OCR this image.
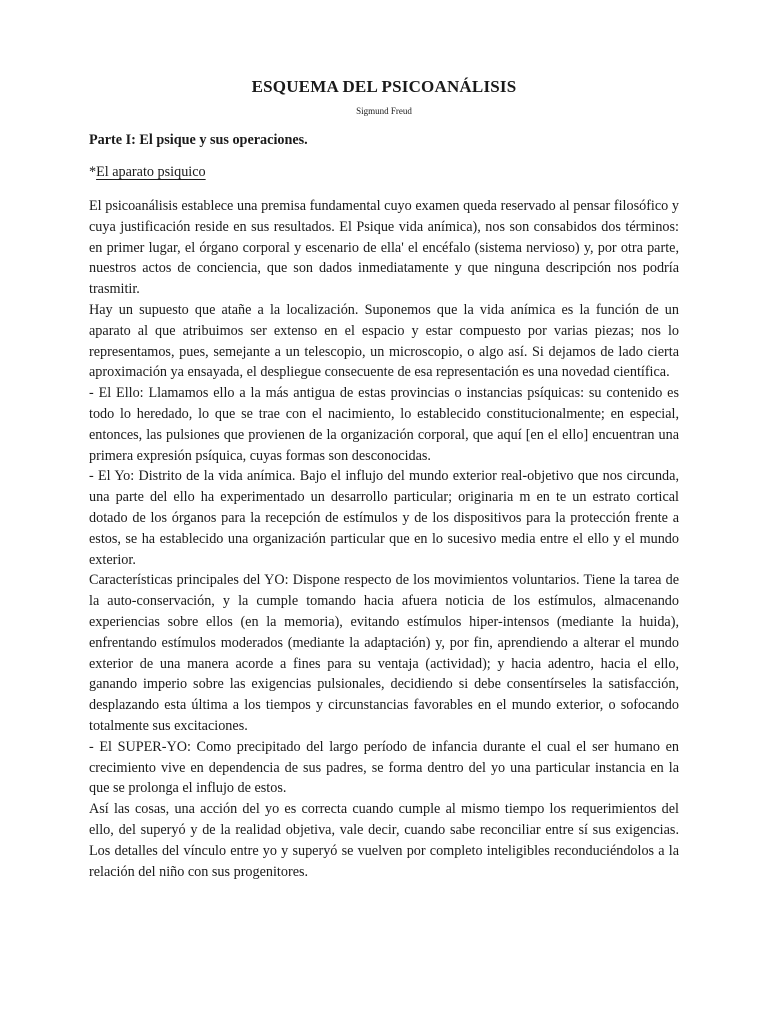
ESQUEMA DEL PSICOANÁLISIS
Sigmund Freud
Parte I: El psique y sus operaciones.
*El aparato psiquico

El psicoanálisis establece una premisa fundamental cuyo examen queda reservado al pensar filosófico y cuya justificación reside en sus resultados. El Psique vida anímica), nos son consabidos dos términos: en primer lugar, el órgano corporal y escenario de ella' el encéfalo (sistema nervioso) y, por otra parte, nuestros actos de conciencia, que son dados inmediatamente y que ninguna descripción nos podría trasmitir.

Hay un supuesto que atañe a la localización. Suponemos que la vida anímica es la función de un aparato al que atribuimos ser extenso en el espacio y estar compuesto por varias piezas; nos lo representamos, pues, semejante a un telescopio, un microscopio, o algo así. Si dejamos de lado cierta aproximación ya ensayada, el despliegue consecuente de esa representación es una novedad científica.

- El Ello: Llamamos ello a la más antigua de estas provincias o instancias psíquicas: su contenido es todo lo heredado, lo que se trae con el nacimiento, lo establecido constitucionalmente; en especial, entonces, las pulsiones que provienen de la organización corporal, que aquí [en el ello] encuentran una primera expresión psíquica, cuyas formas son desconocidas.

- El Yo: Distrito de la vida anímica. Bajo el influjo del mundo exterior real-objetivo que nos circunda, una parte del ello ha experimentado un desarrollo particular; originaria m en te un estrato cortical dotado de los órganos para la recepción de estímulos y de los dispositivos para la protección frente a estos, se ha establecido una organización particular que en lo sucesivo media entre el ello y el mundo exterior.

Características principales del YO: Dispone respecto de los movimientos voluntarios. Tiene la tarea de la auto-conservación, y la cumple tomando hacia afuera noticia de los estímulos, almacenando experiencias sobre ellos (en la memoria), evitando estímulos hiper-intensos (mediante la huida), enfrentando estímulos moderados (mediante la adaptación) y, por fin, aprendiendo a alterar el mundo exterior de una manera acorde a fines para su ventaja (actividad); y hacia adentro, hacia el ello, ganando imperio sobre las exigencias pulsionales, decidiendo si debe consentírseles la satisfacción, desplazando esta última a los tiempos y circunstancias favorables en el mundo exterior, o sofocando totalmente sus excitaciones.

- El SUPER-YO: Como precipitado del largo período de infancia durante el cual el ser humano en crecimiento vive en dependencia de sus padres, se forma dentro del yo una particular instancia en la que se prolonga el influjo de estos.

Así las cosas, una acción del yo es correcta cuando cumple al mismo tiempo los requerimientos del ello, del superyó y de la realidad objetiva, vale decir, cuando sabe reconciliar entre sí sus exigencias. Los detalles del vínculo entre yo y superyó se vuelven por completo inteligibles reconduciéndolos a la relación del niño con sus progenitores.
